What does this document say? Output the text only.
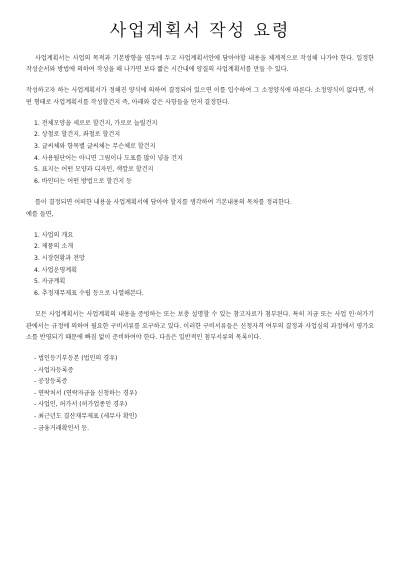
사업계획서 작성 요령

사업계획서는 사업의 목적과 기본방향을 염두에 두고 사업계획서안에 담아야할 내용을 체계적으로 작성해 나가야 한다. 일정한 작성순서와 방법에 의하여 작성을 해 나가면 보다 짧은 시간내에 양질의 사업계획서를 만들 수 있다.

작성하고자 하는 사업계획서가 정해진 양식에 의하여 결정되어 있으면 이를 입수하여 그 소정양식에 따른다. 소정양식이 없다면, 어떤 형태로 사업계획서를 작성할건지 즉, 아래와 같은 사항들을 먼저 결정한다.

1. 전체모양을 세로로 할건지, 가로로 늘릴건지
2. 상철로 할건지, 좌철로 할건지
3. 글씨체와 항목별 글씨체는 무슨체로 할건지
4. 사용될단어는 아니면 그림이나 도표를 많이 넣을 건지
5. 표지는 어떤 모양과 디자인, 색깔로 할건지
6. 바인더는 어떤 방법으로 할건지 등

틀이 결정되면 어떠한 내용을 사업계획서에 담아야 할지를 생각하여 기본내용의 목차를 정리한다.

예를 들면,

1. 사업의 개요
2. 제품의 소개
3. 시장현황과 전망
4. 사업운영계획
5. 자금계획
6. 추정재무제표 수립 등으로 나열해본다.

모든 사업계획서는 사업계획의 내용을 증빙하는 또는 보충 설명할 수 있는 참고자료가 첨부된다. 특히 지금 또는 사업 인·허가기관에서는 규정에 의하여 필요한 구비서류를 요구하고 있다. 이러한 구비서류들은 신청자격 여부의 결정과 사업심의 과정에서 평가요소를 반영되기 때문에 빠짐 없이 준비하여야 한다. 다음은 일반적인 첨부서류의 목록이다.

- 법인등기부등본 (법인의 경우)
- 사업자등록증
- 공장등록증
- 연락처서 (연락자금을 신청하는 경우)
- 사업인, 허가서 (허가업종인 경우)
- 최근년도 결산재무제표 (세무사 확인)
- 금융거래확인서 등.
